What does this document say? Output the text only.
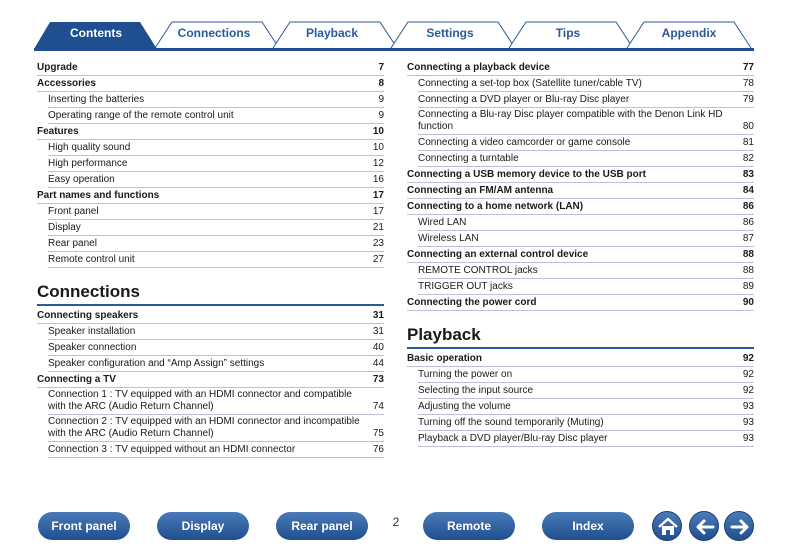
Contents	Connections	Playback	Settings	Tips	Appendix
Upgrade	7
Accessories	8
Inserting the batteries	9
Operating range of the remote control unit	9
Features	10
High quality sound	10
High performance	12
Easy operation	16
Part names and functions	17
Front panel	17
Display	21
Rear panel	23
Remote control unit	27
Connections
Connecting speakers	31
Speaker installation	31
Speaker connection	40
Speaker configuration and “Amp Assign” settings	44
Connecting a TV	73
Connection 1 : TV equipped with an HDMI connector and compatible with the ARC (Audio Return Channel)	74
Connection 2 : TV equipped with an HDMI connector and incompatible with the ARC (Audio Return Channel)	75
Connection 3 : TV equipped without an HDMI connector	76
Connecting a playback device	77
Connecting a set-top box (Satellite tuner/cable TV)	78
Connecting a DVD player or Blu-ray Disc player	79
Connecting a Blu-ray Disc player compatible with the Denon Link HD function	80
Connecting a video camcorder or game console	81
Connecting a turntable	82
Connecting a USB memory device to the USB port	83
Connecting an FM/AM antenna	84
Connecting to a home network (LAN)	86
Wired LAN	86
Wireless LAN	87
Connecting an external control device	88
REMOTE CONTROL jacks	88
TRIGGER OUT jacks	89
Connecting the power cord	90
Playback
Basic operation	92
Turning the power on	92
Selecting the input source	92
Adjusting the volume	93
Turning off the sound temporarily (Muting)	93
Playback a DVD player/Blu-ray Disc player	93
Front panel	Display	Rear panel	2	Remote	Index
